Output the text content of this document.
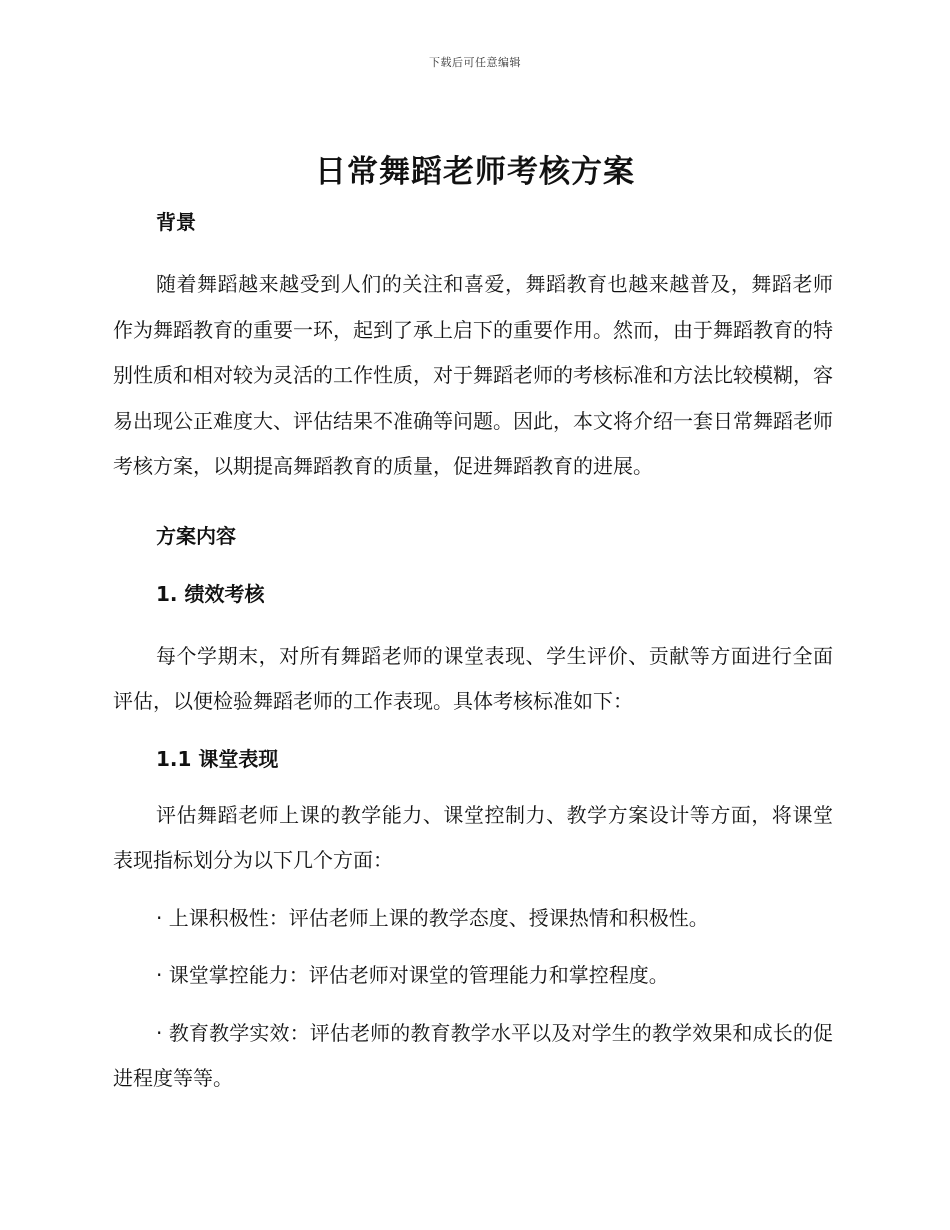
下载后可任意编辑
日常舞蹈老师考核方案

背景

随着舞蹈越来越受到人们的关注和喜爱，舞蹈教育也越来越普及，舞蹈老师作为舞蹈教育的重要一环，起到了承上启下的重要作用。然而，由于舞蹈教育的特别性质和相对较为灵活的工作性质，对于舞蹈老师的考核标准和方法比较模糊，容易出现公正难度大、评估结果不准确等问题。因此，本文将介绍一套日常舞蹈老师考核方案，以期提高舞蹈教育的质量，促进舞蹈教育的进展。

方案内容

1. 绩效考核

每个学期末，对所有舞蹈老师的课堂表现、学生评价、贡献等方面进行全面评估，以便检验舞蹈老师的工作表现。具体考核标准如下：

1.1 课堂表现

评估舞蹈老师上课的教学能力、课堂控制力、教学方案设计等方面，将课堂表现指标划分为以下几个方面：

· 上课积极性：评估老师上课的教学态度、授课热情和积极性。

· 课堂掌控能力：评估老师对课堂的管理能力和掌控程度。

· 教育教学实效：评估老师的教育教学水平以及对学生的教学效果和成长的促进程度等等。
